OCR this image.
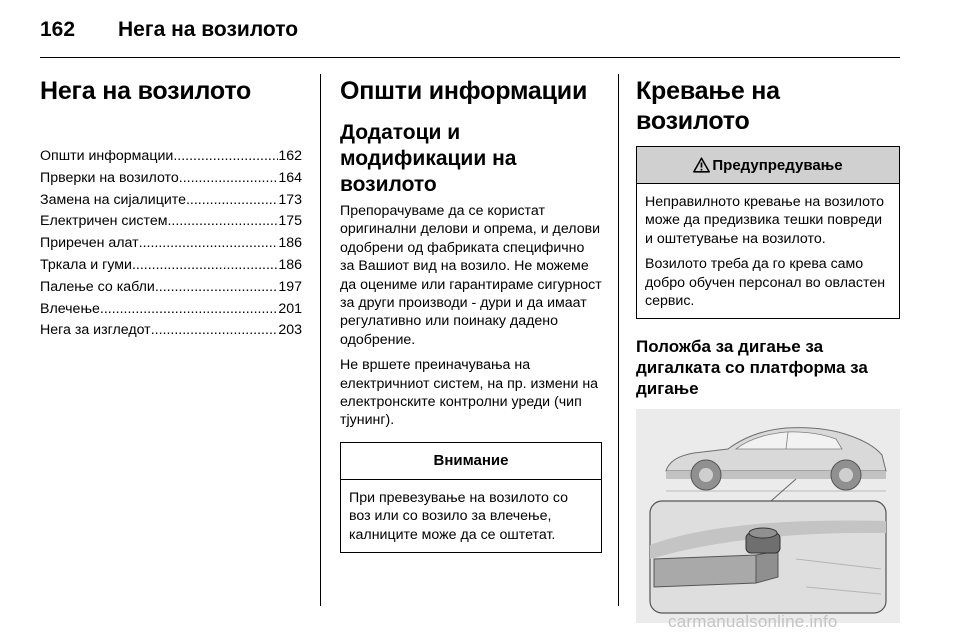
162	Нега на возилото
Нега на возилото
Општи информации .....	162
Прверки на возилото .....	164
Замена на сијалиците .....	173
Електричен систем .....	175
Приречен алат .....	186
Тркала и гуми .....	186
Палење со кабли .....	197
Влечење .....	201
Нега за изгледот .....	203
Општи информации
Додатоци и модификации на возилото

Препорачуваме да се користат оригинални делови и опрема, и делови одобрени од фабриката специфично за Вашиот вид на возило. Не можеме да оцениме или гарантираме сигурност за други производи - дури и да имаат регулативно или поинаку дадено одобрение.

Не вршете преиначувања на електричниот систем, на пр. измени на електронските контролни уреди (чип тјунинг).

Внимание

При превезување на возилото со воз или со возило за влечење, калниците може да се оштетат.

Кревање на возилото
Предупредување

Неправилното кревање на возилото може да предизвика тешки повреди и оштетување на возилото.

Возилото треба да го крева само добро обучен персонал во овластен сервис.

Положба за дигање за дигалката со платформа за дигање
carmanualsonline.info
